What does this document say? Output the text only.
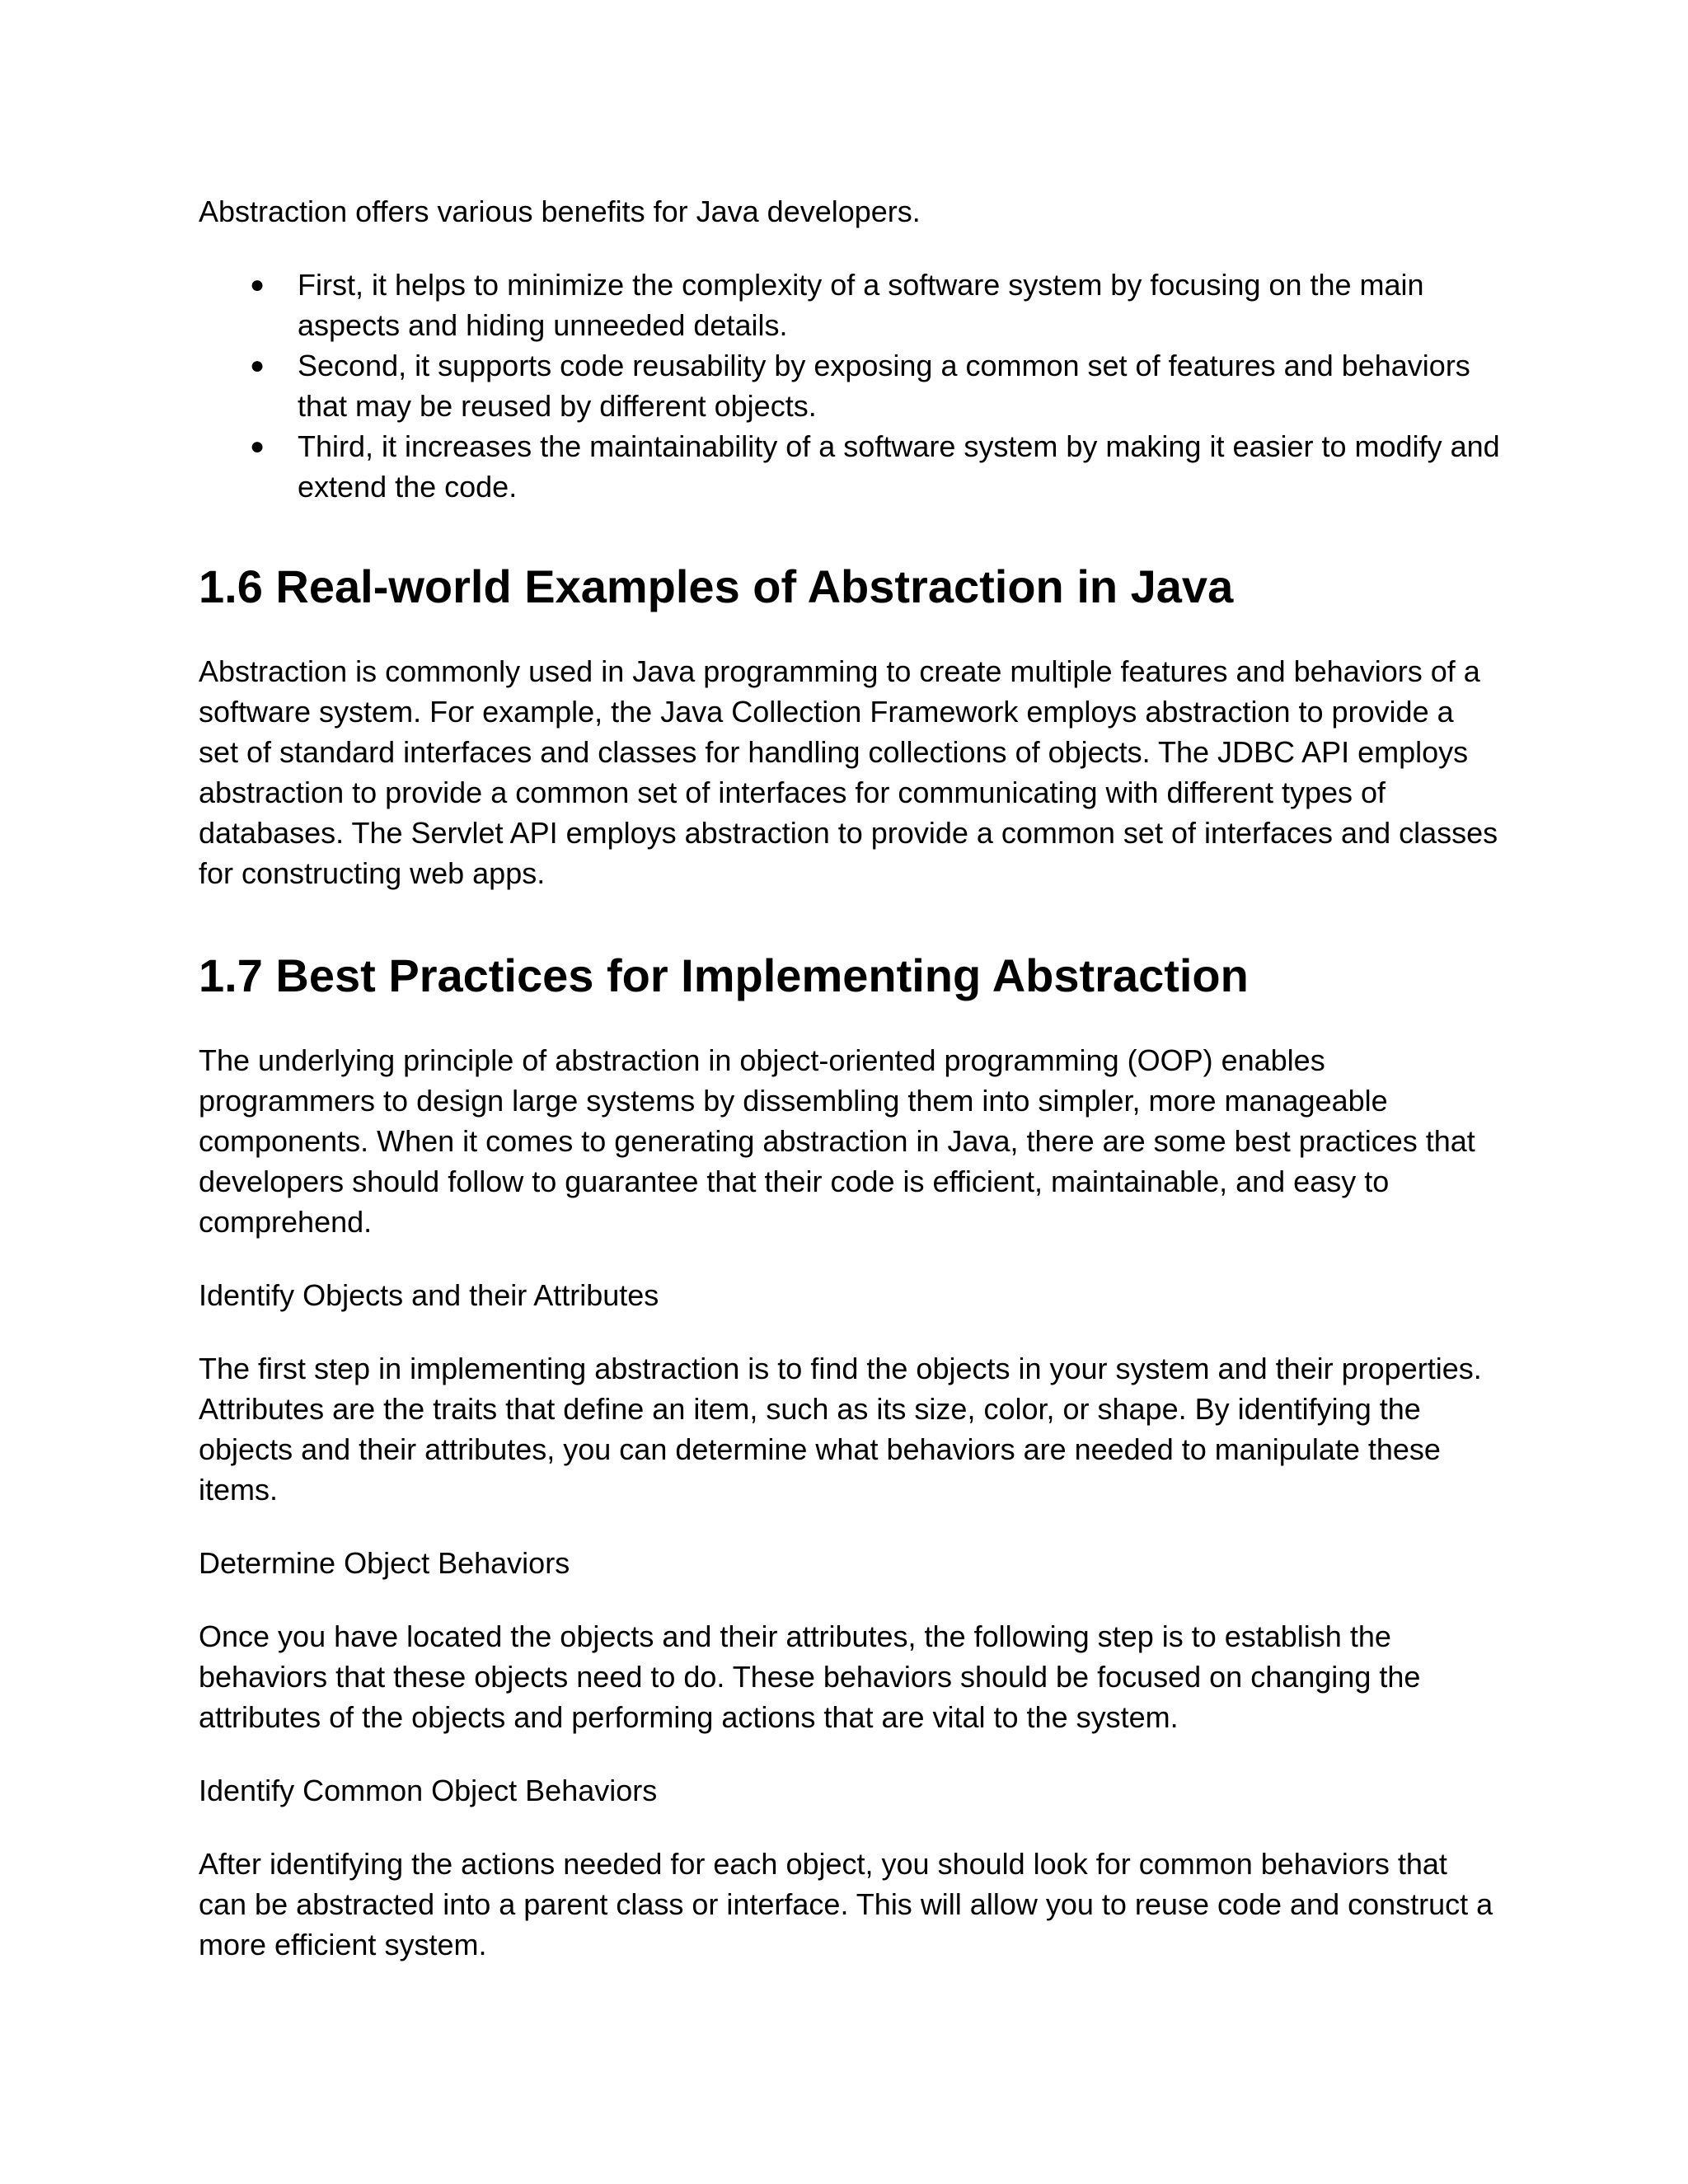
Abstraction offers various benefits for Java developers.

● First, it helps to minimize the complexity of a software system by focusing on the main aspects and hiding unneeded details.
● Second, it supports code reusability by exposing a common set of features and behaviors that may be reused by different objects.
● Third, it increases the maintainability of a software system by making it easier to modify and extend the code.
1.6 Real-world Examples of Abstraction in Java

Abstraction is commonly used in Java programming to create multiple features and behaviors of a software system. For example, the Java Collection Framework employs abstraction to provide a set of standard interfaces and classes for handling collections of objects. The JDBC API employs abstraction to provide a common set of interfaces for communicating with different types of databases. The Servlet API employs abstraction to provide a common set of interfaces and classes for constructing web apps.

1.7 Best Practices for Implementing Abstraction

The underlying principle of abstraction in object-oriented programming (OOP) enables programmers to design large systems by dissembling them into simpler, more manageable components. When it comes to generating abstraction in Java, there are some best practices that developers should follow to guarantee that their code is efficient, maintainable, and easy to comprehend.

Identify Objects and their Attributes

The first step in implementing abstraction is to find the objects in your system and their properties. Attributes are the traits that define an item, such as its size, color, or shape. By identifying the objects and their attributes, you can determine what behaviors are needed to manipulate these items.

Determine Object Behaviors

Once you have located the objects and their attributes, the following step is to establish the behaviors that these objects need to do. These behaviors should be focused on changing the attributes of the objects and performing actions that are vital to the system.

Identify Common Object Behaviors

After identifying the actions needed for each object, you should look for common behaviors that can be abstracted into a parent class or interface. This will allow you to reuse code and construct a more efficient system.
